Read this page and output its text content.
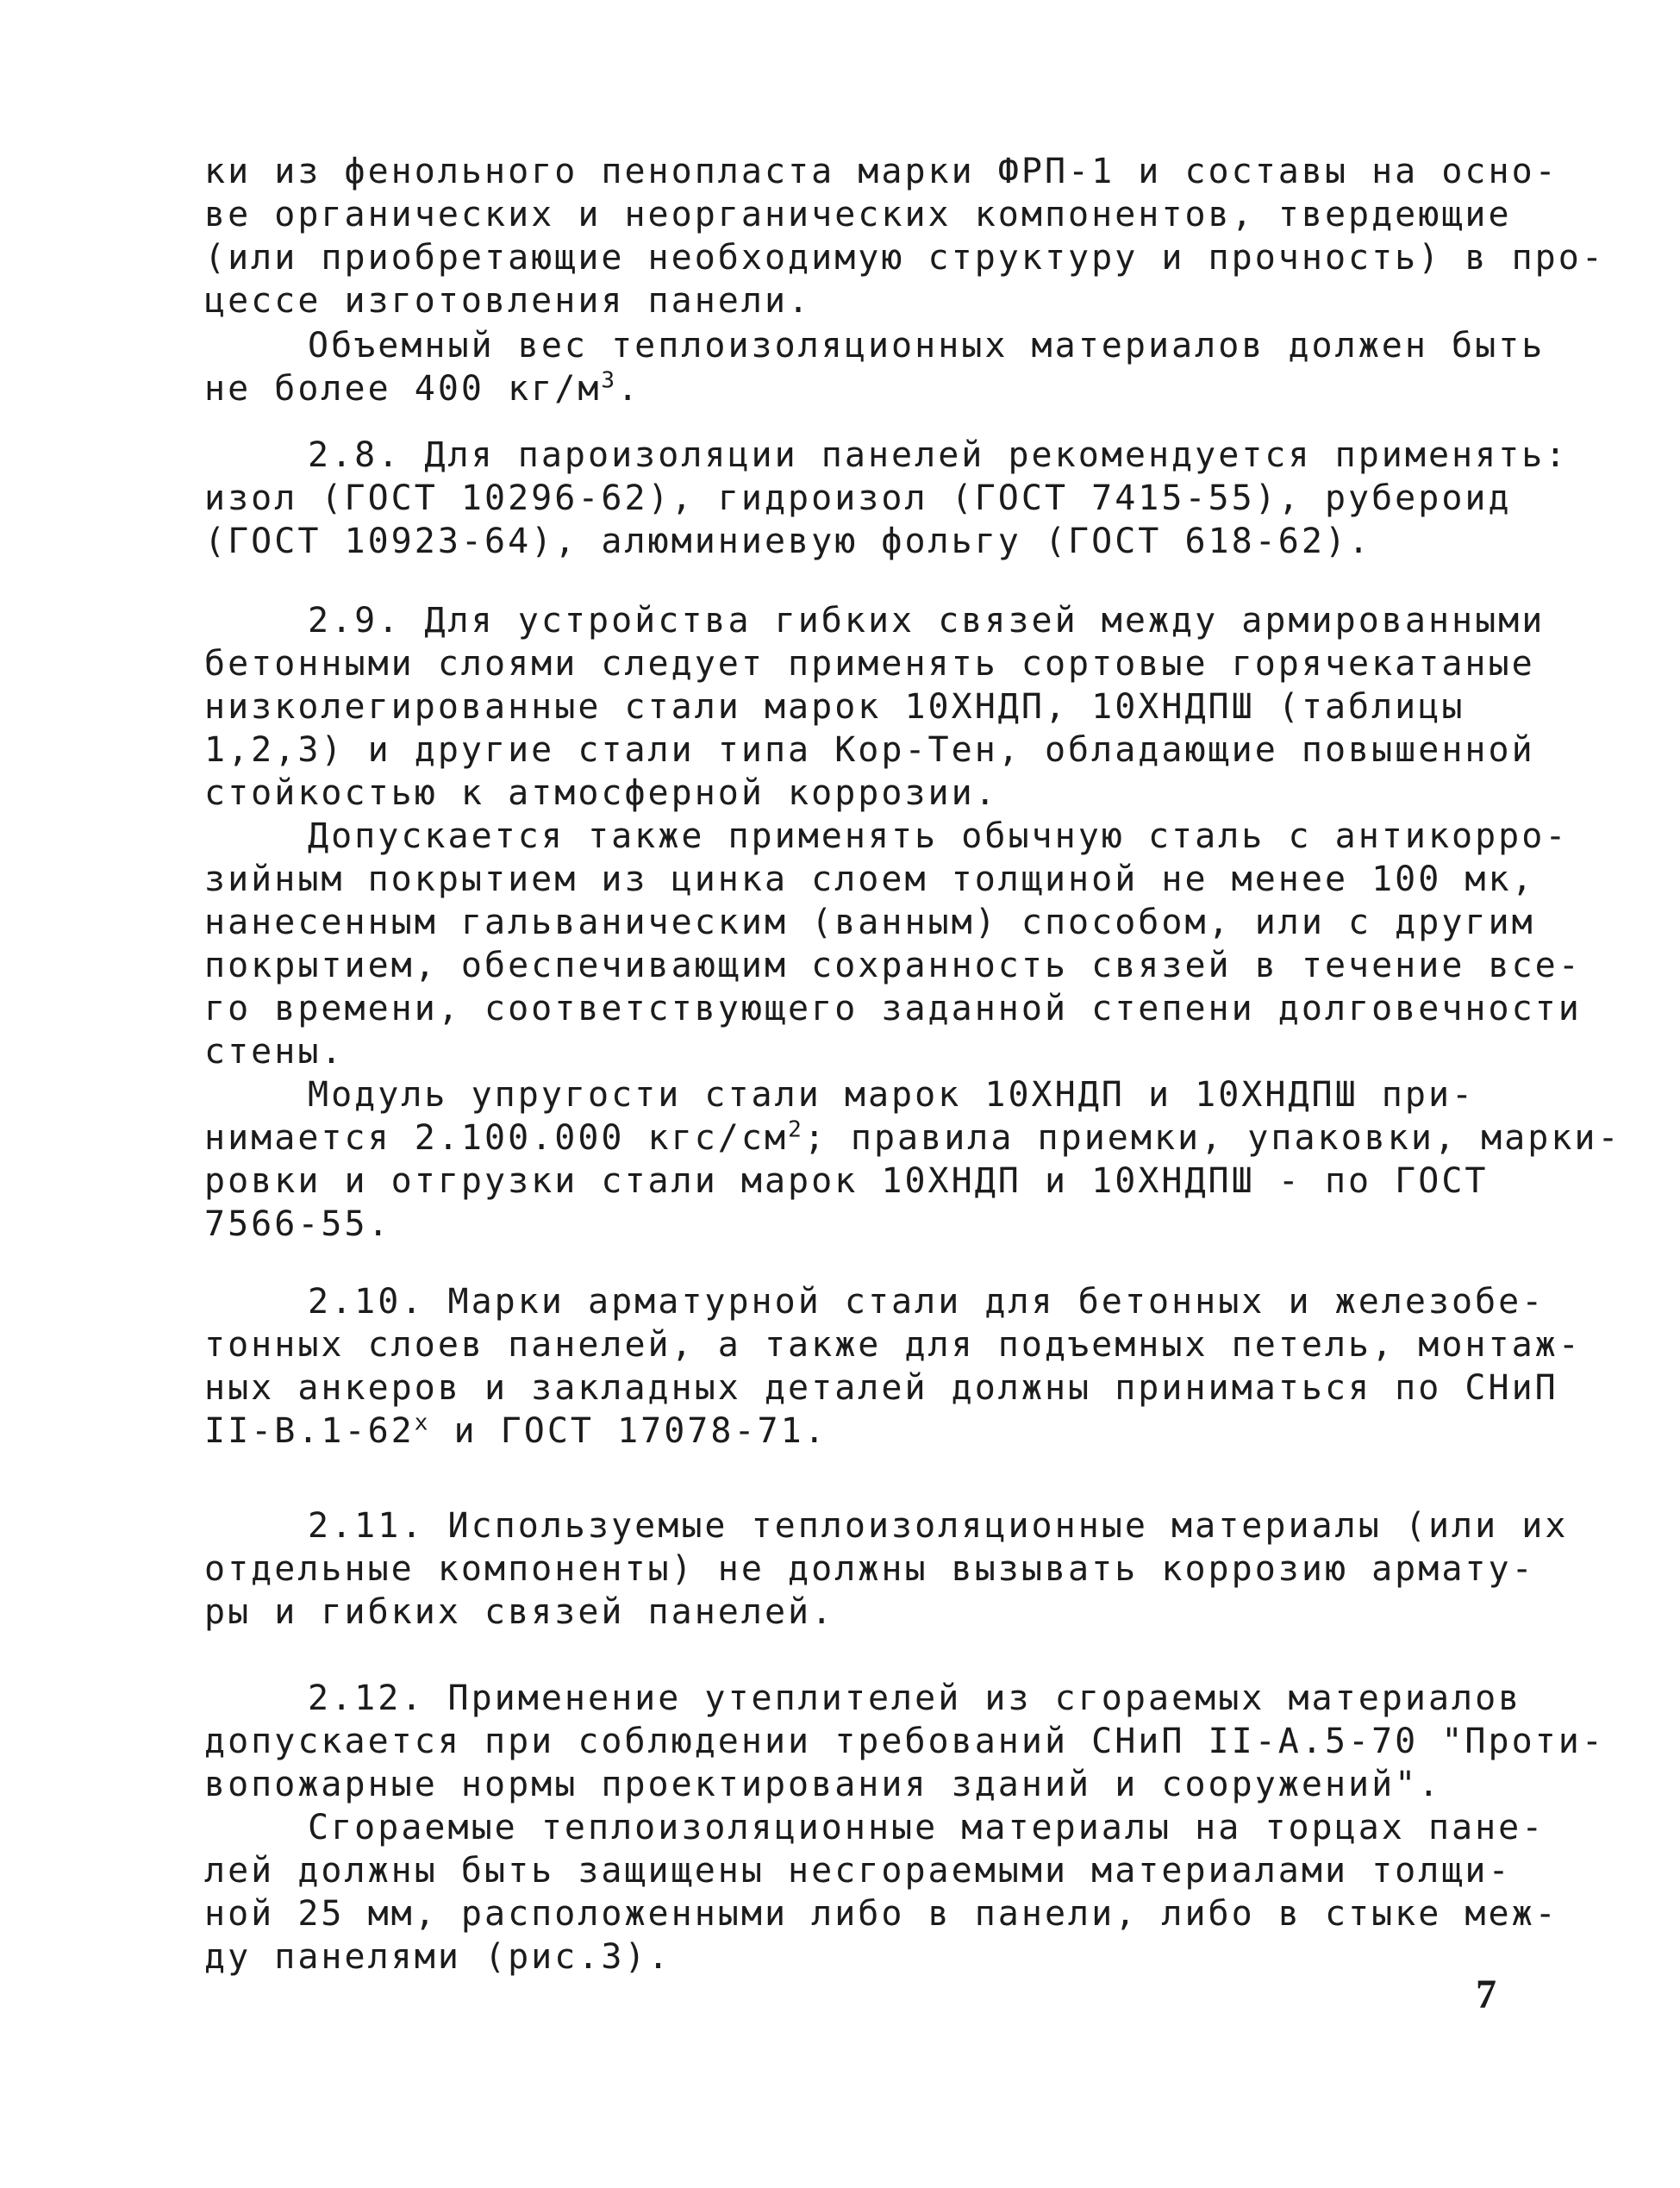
ки из фенольного пенопласта марки ФРП-1 и составы на осно-
ве органических и неорганических компонентов, твердеющие
(или приобретающие необходимую структуру и прочность) в про-
цессе изготовления панели.
Объемный вес теплоизоляционных материалов должен быть
не более 400 $кг/м^3$.
2.8. Для пароизоляции панелей рекомендуется применять:
изол (ГОСТ 10296-62), гидроизол (ГОСТ 7415-55), рубероид
(ГОСТ 10923-64), алюминиевую фольгу (ГОСТ 618-62).
2.9. Для устройства гибких связей между армированными
бетонными слоями следует применять сортовые горячекатаные
низколегированные стали марок 10ХНДП, 10ХНДПШ (таблицы
1,2,3) и другие стали типа Кор-Тен, обладающие повышенной
стойкостью к атмосферной коррозии.
Допускается также применять обычную сталь с антикорро-
зийным покрытием из цинка слоем толщиной не менее 100 мк,
нанесенным гальваническим (ванным) способом, или с другим
покрытием, обеспечивающим сохранность связей в течение все-
го времени, соответствующего заданной степени долговечности
стены.
Модуль упругости стали марок 10ХНДП и 10ХНДПШ при-
нимается 2.100.000 кгс/$см^2$; правила приемки, упаковки, марки-
ровки и отгрузки стали марок 10ХНДП и 10ХНДПШ - по ГОСТ
7566-55.
2.10. Марки арматурной стали для бетонных и железобе-
тонных слоев панелей, а также для подъемных петель, монтаж-
ных анкеров и закладных деталей должны приниматься по СНиП
II-В.1-62$^x$ и ГОСТ 17078-71.
2.11. Используемые теплоизоляционные материалы (или их
отдельные компоненты) не должны вызывать коррозию армату-
ры и гибких связей панелей.
2.12. Применение утеплителей из сгораемых материалов
допускается при соблюдении требований СНиП II-А.5-70 "Проти-
вопожарные нормы проектирования зданий и сооружений".
Сгораемые теплоизоляционные материалы на торцах пане-
лей должны быть защищены несгораемыми материалами толщи-
ной 25 мм, расположенными либо в панели, либо в стыке меж-
ду панелями (рис.3).
7
